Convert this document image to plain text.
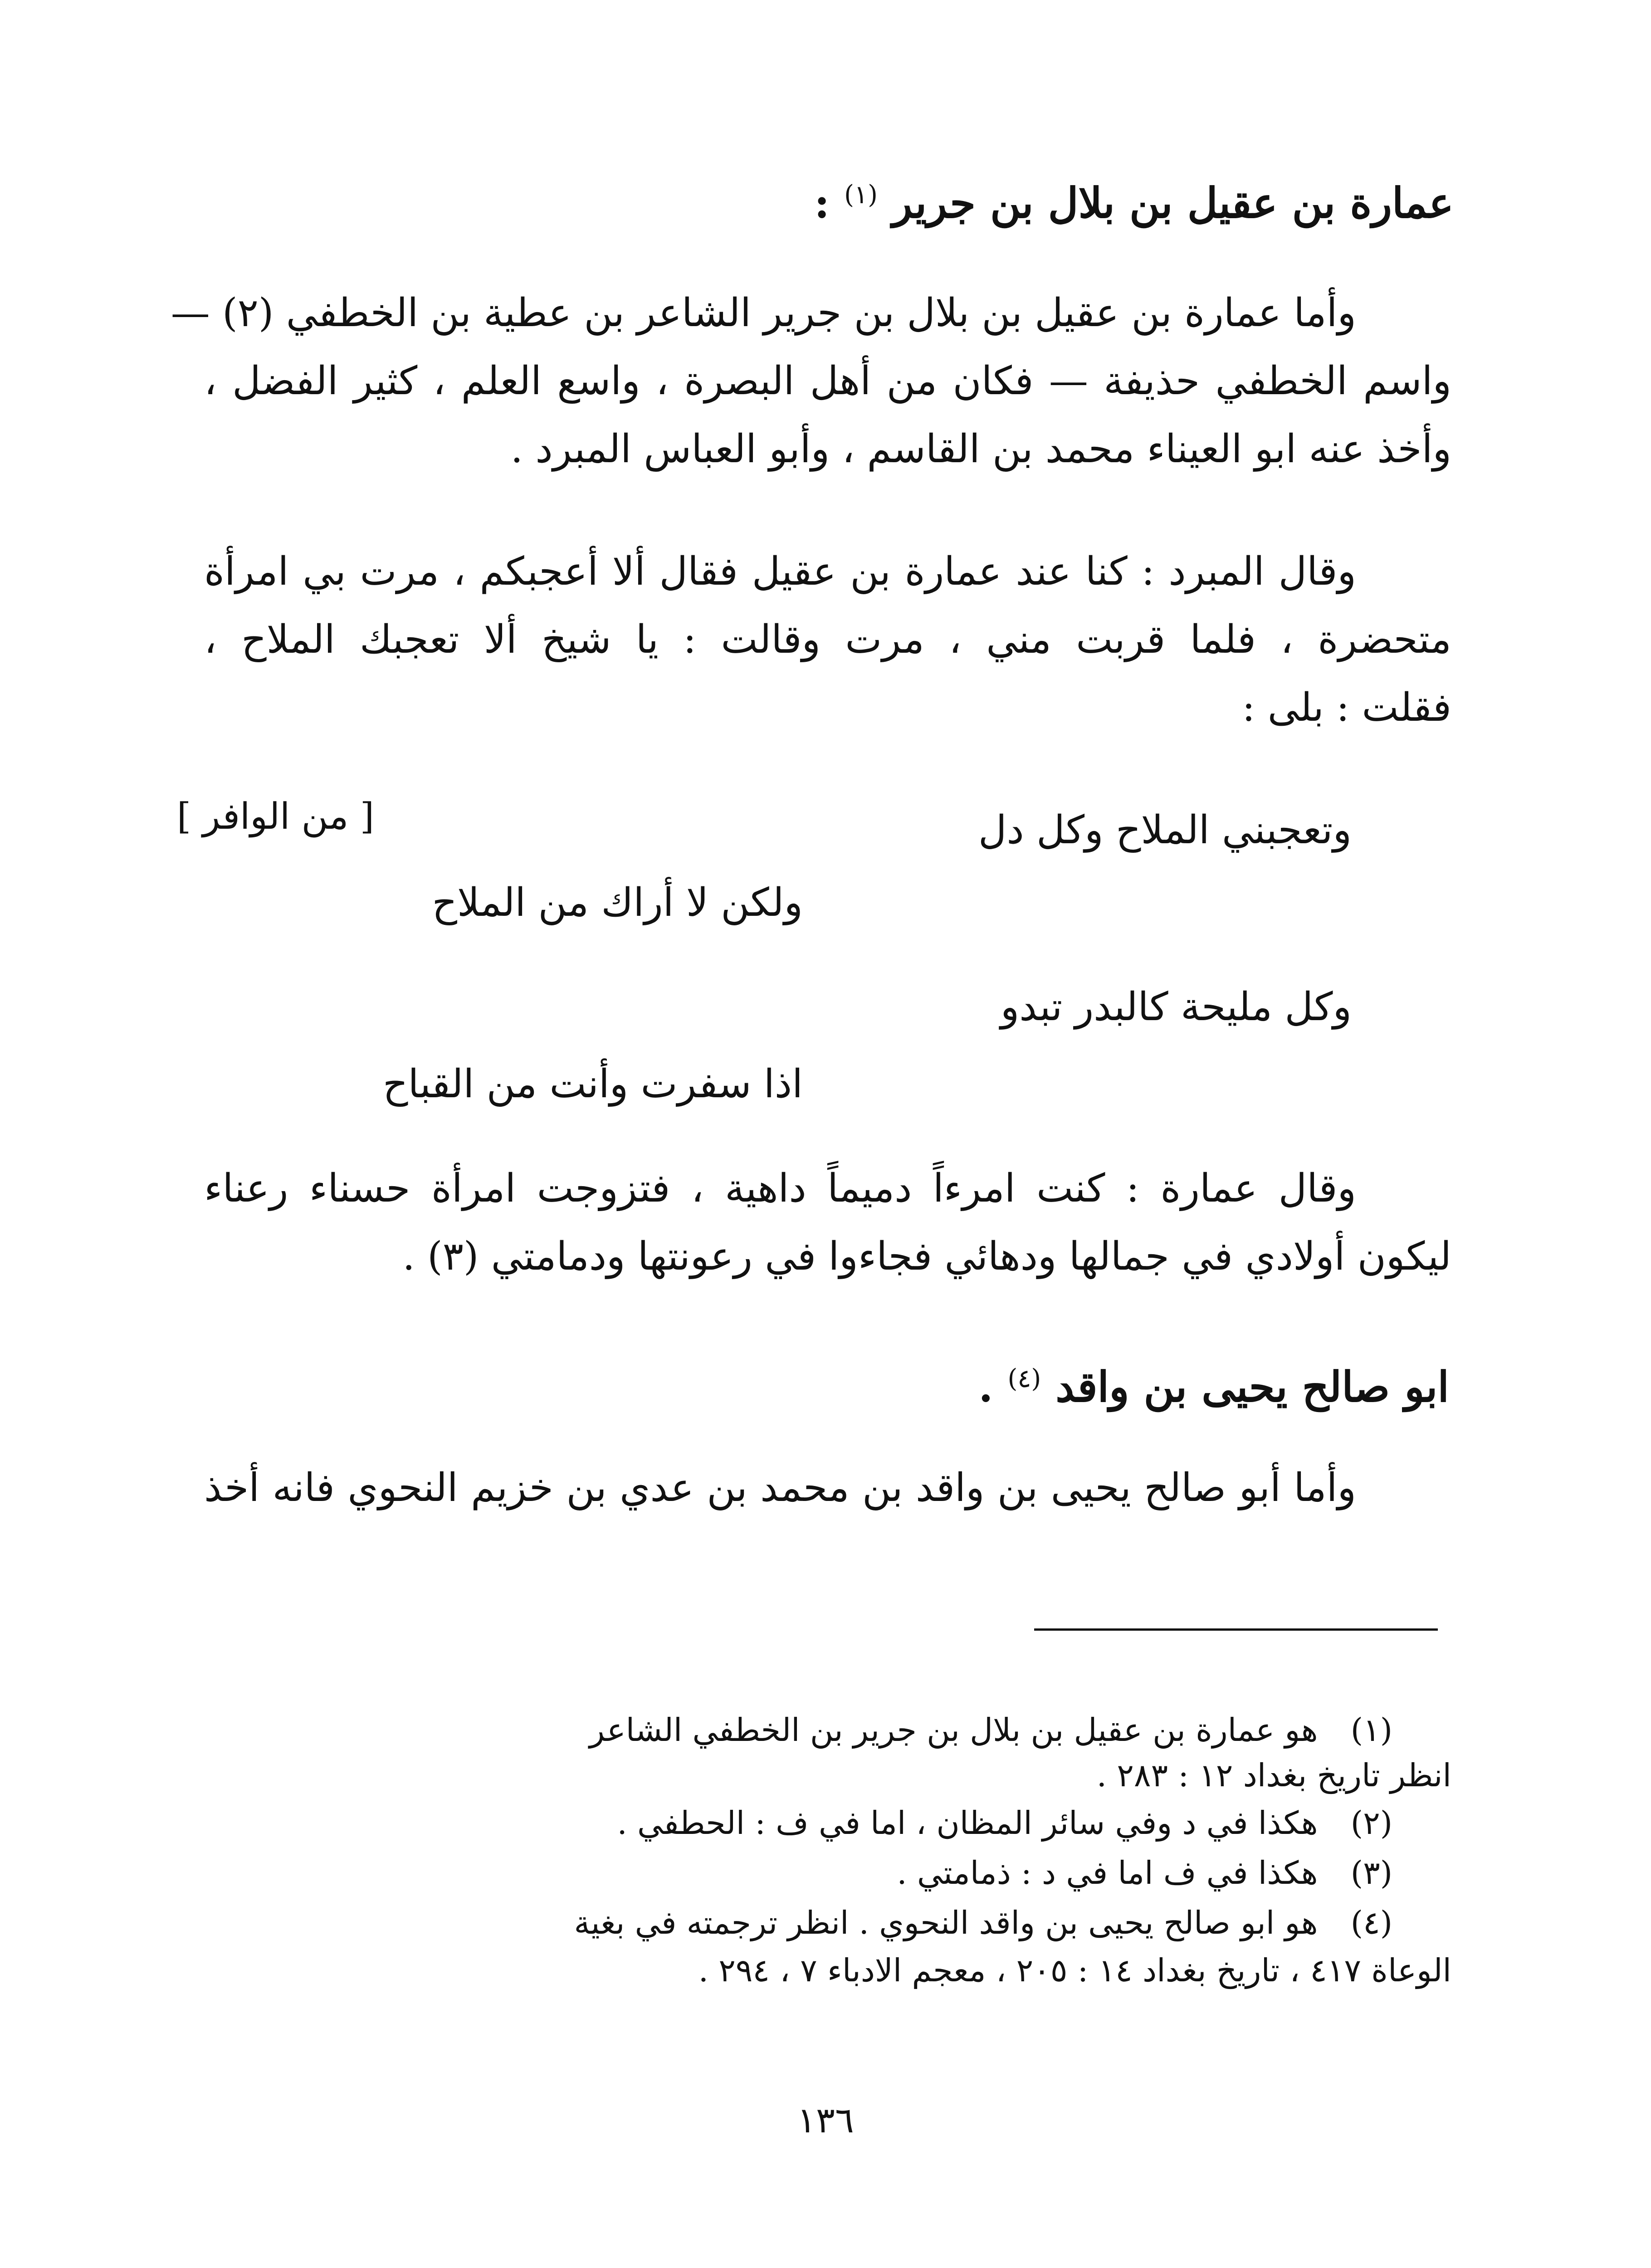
عمارة بن عقيل بن بلال بن جرير $^{(١)}$ :
وأما عمارة بن عقيل بن بلال بن جرير الشاعر بن عطية بن الخطفي (٢) —
واسم الخطفي حذيفة — فكان من أهل البصرة ، واسع العلم ، كثير الفضل ،
وأخذ عنه ابو العيناء محمد بن القاسم ، وأبو العباس المبرد .
وقال المبرد : كنا عند عمارة بن عقيل فقال ألا أعجبكم ، مرت بي امرأة
متحضرة ، فلما قربت مني ، مرت وقالت : يا شيخ ألا تعجبك الملاح ،
فقلت : بلى :
[ من الوافر ]	وتعجبني الملاح وكل دل
ولكن لا أراك من الملاح
وكل مليحة كالبدر تبدو
اذا سفرت وأنت من القباح
وقال عمارة : كنت امرءاً دميماً داهية ، فتزوجت امرأة حسناء رعناء
ليكون أولادي في جمالها ودهائي فجاءوا في رعونتها ودمامتي (٣) .
ابو صالح يحيى بن واقد $^{(٤)}$ .
وأما أبو صالح يحيى بن واقد بن محمد بن عدي بن خزيم النحوي فانه أخذ
(١) هو عمارة بن عقيل بن بلال بن جرير بن الخطفي الشاعر
انظر تاريخ بغداد ١٢ : ٢٨٣ .
(٢) هكذا في د وفي سائر المظان ، اما في ف : الحطفي .
(٣) هكذا في ف اما في د : ذمامتي .
(٤) هو ابو صالح يحيى بن واقد النحوي . انظر ترجمته في بغية
الوعاة ٤١٧ ، تاريخ بغداد ١٤ : ٢٠٥ ، معجم الادباء ٧ ، ٢٩٤ .
١٣٦
